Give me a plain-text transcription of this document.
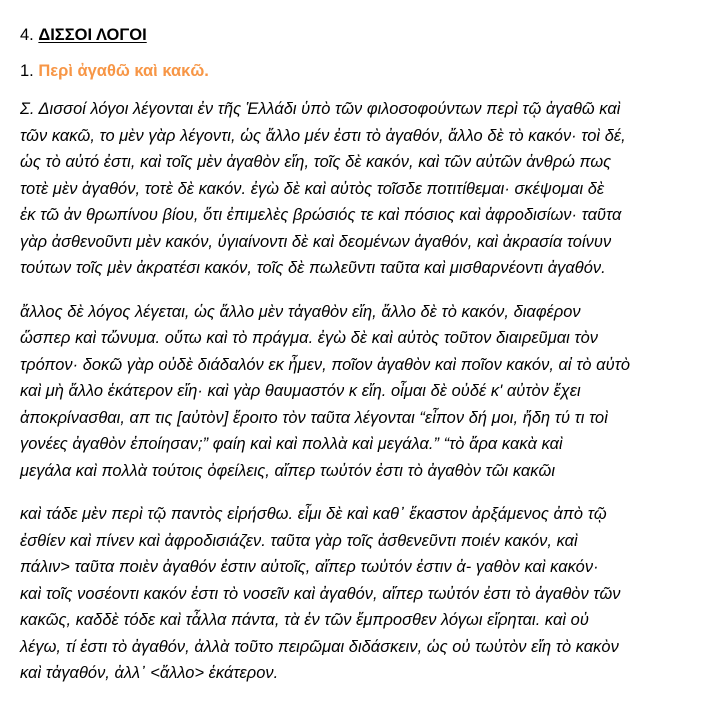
4. ΔΙΣΣΟΙ ΛΟΓΟΙ
1. Περὶ ἀγαθῶ καὶ κακῶ.
Σ. Δισσοί λόγοι λέγονται ἐν τῆς Ἑλλάδι ὑπὸ τῶν φιλοσοφούντων περὶ τῷ ἀγαθῶ καὶ
τῶν κακῶ, το μὲν γὰρ λέγοντι, ὡς ἄλλο μέν ἐστι τὸ ἀγαθόν, ἄλλο δὲ τὸ κακόν· τοὶ δέ,
ὡς τὸ αὐτό ἐστι, καὶ τοῖς μὲν ἀγαθὸν εἴη, τοῖς δὲ κακόν, καὶ τῶν αὐτῶν ἀνθρώ πως
τοτὲ μὲν ἀγαθόν, τοτὲ δὲ κακόν. ἐγὼ δὲ καὶ αὐτὸς τοῖσδε ποτιτίθεμαι· σκέψομαι δὲ
ἐκ τῶ ἀν θρωπίνου βίου, ὅτι ἐπιμελὲς βρώσιός τε καὶ πόσιος καὶ ἀφροδισίων· ταῦτα
γὰρ ἀσθενοῦντι μὲν κακόν, ὑγιαίνοντι δὲ καὶ δεομένων ἀγαθόν, καὶ ἀκρασία τοίνυν
τούτων τοῖς μὲν ἀκρατέσι κακόν, τοῖς δὲ πωλεῦντι ταῦτα καὶ μισθαρνέοντι ἀγαθόν.
ἄλλος δὲ λόγος λέγεται, ὡς ἄλλο μὲν τἀγαθὸν εἴη, ἄλλο δὲ τὸ κακόν, διαφέρον
ὥσπερ καὶ τὤνυμα. οὕτω καὶ τὸ πράγμα. ἐγὼ δὲ καὶ αὐτὸς τοῦτον διαιρεῦμαι τὸν
τρόπον· δοκῶ γὰρ οὐδὲ διάδαλόν εκ ἦμεν, ποῖον ἀγαθὸν καὶ ποῖον κακόν, αἰ τὸ αὐτὸ
καὶ μὴ ἄλλο ἑκάτερον εἴη· καὶ γὰρ θαυμαστόν κ εἴη. οἶμαι δὲ οὐδέ κ' αὐτὸν ἔχει
ἀποκρίνασθαι, απ τις [αὐτὸν] ἔροιτο τὸν ταῦτα λέγονται “εἶπον δή μοι, ἤδη τύ τι τοὶ
γονέες ἀγαθὸν ἐποίησαν;” φαίη καὶ καὶ πολλὰ καὶ μεγάλα.” “τὸ ἄρα κακὰ καὶ
μεγάλα καὶ πολλὰ τούτοις ὀφείλεις, αἴπερ τωὐτόν ἐστι τὸ ἀγαθὸν τῶι κακῶι
καὶ τάδε μὲν περὶ τῷ παντὸς εἰρήσθω. εἶμι δὲ καὶ καθ᾽ ἕκαστον ἀρξάμενος ἀπὸ τῷ
ἐσθίεν καὶ πίνεν καὶ ἀφροδισιάζεν. ταῦτα γὰρ τοῖς ἀσθενεῦντι ποιέν κακόν, καὶ
πάλιν> ταῦτα ποιὲν ἀγαθόν ἐστιν αὐτοῖς, αἴπερ τωὐτόν ἐστιν ἀ- γαθὸν καὶ κακόν·
καὶ τοῖς νοσέοντι κακόν ἐστι τὸ νοσεῖν καὶ ἀγαθόν, αἴπερ τωὐτόν ἐστι τὸ ἀγαθὸν τῶν
κακῶς, καδδὲ τόδε καὶ τἆλλα πάντα, τὰ ἐν τῶν ἔμπροσθεν λόγωι εἴρηται. καὶ οὐ
λέγω, τί ἐστι τὸ ἀγαθόν, ἀλλὰ τοῦτο πειρῶμαι διδάσκειν, ὡς οὐ τωὐτὸν εἴη τὸ κακὸν
καὶ τἀγαθόν, ἀλλ᾽ <ἄλλο> ἑκάτερον.
